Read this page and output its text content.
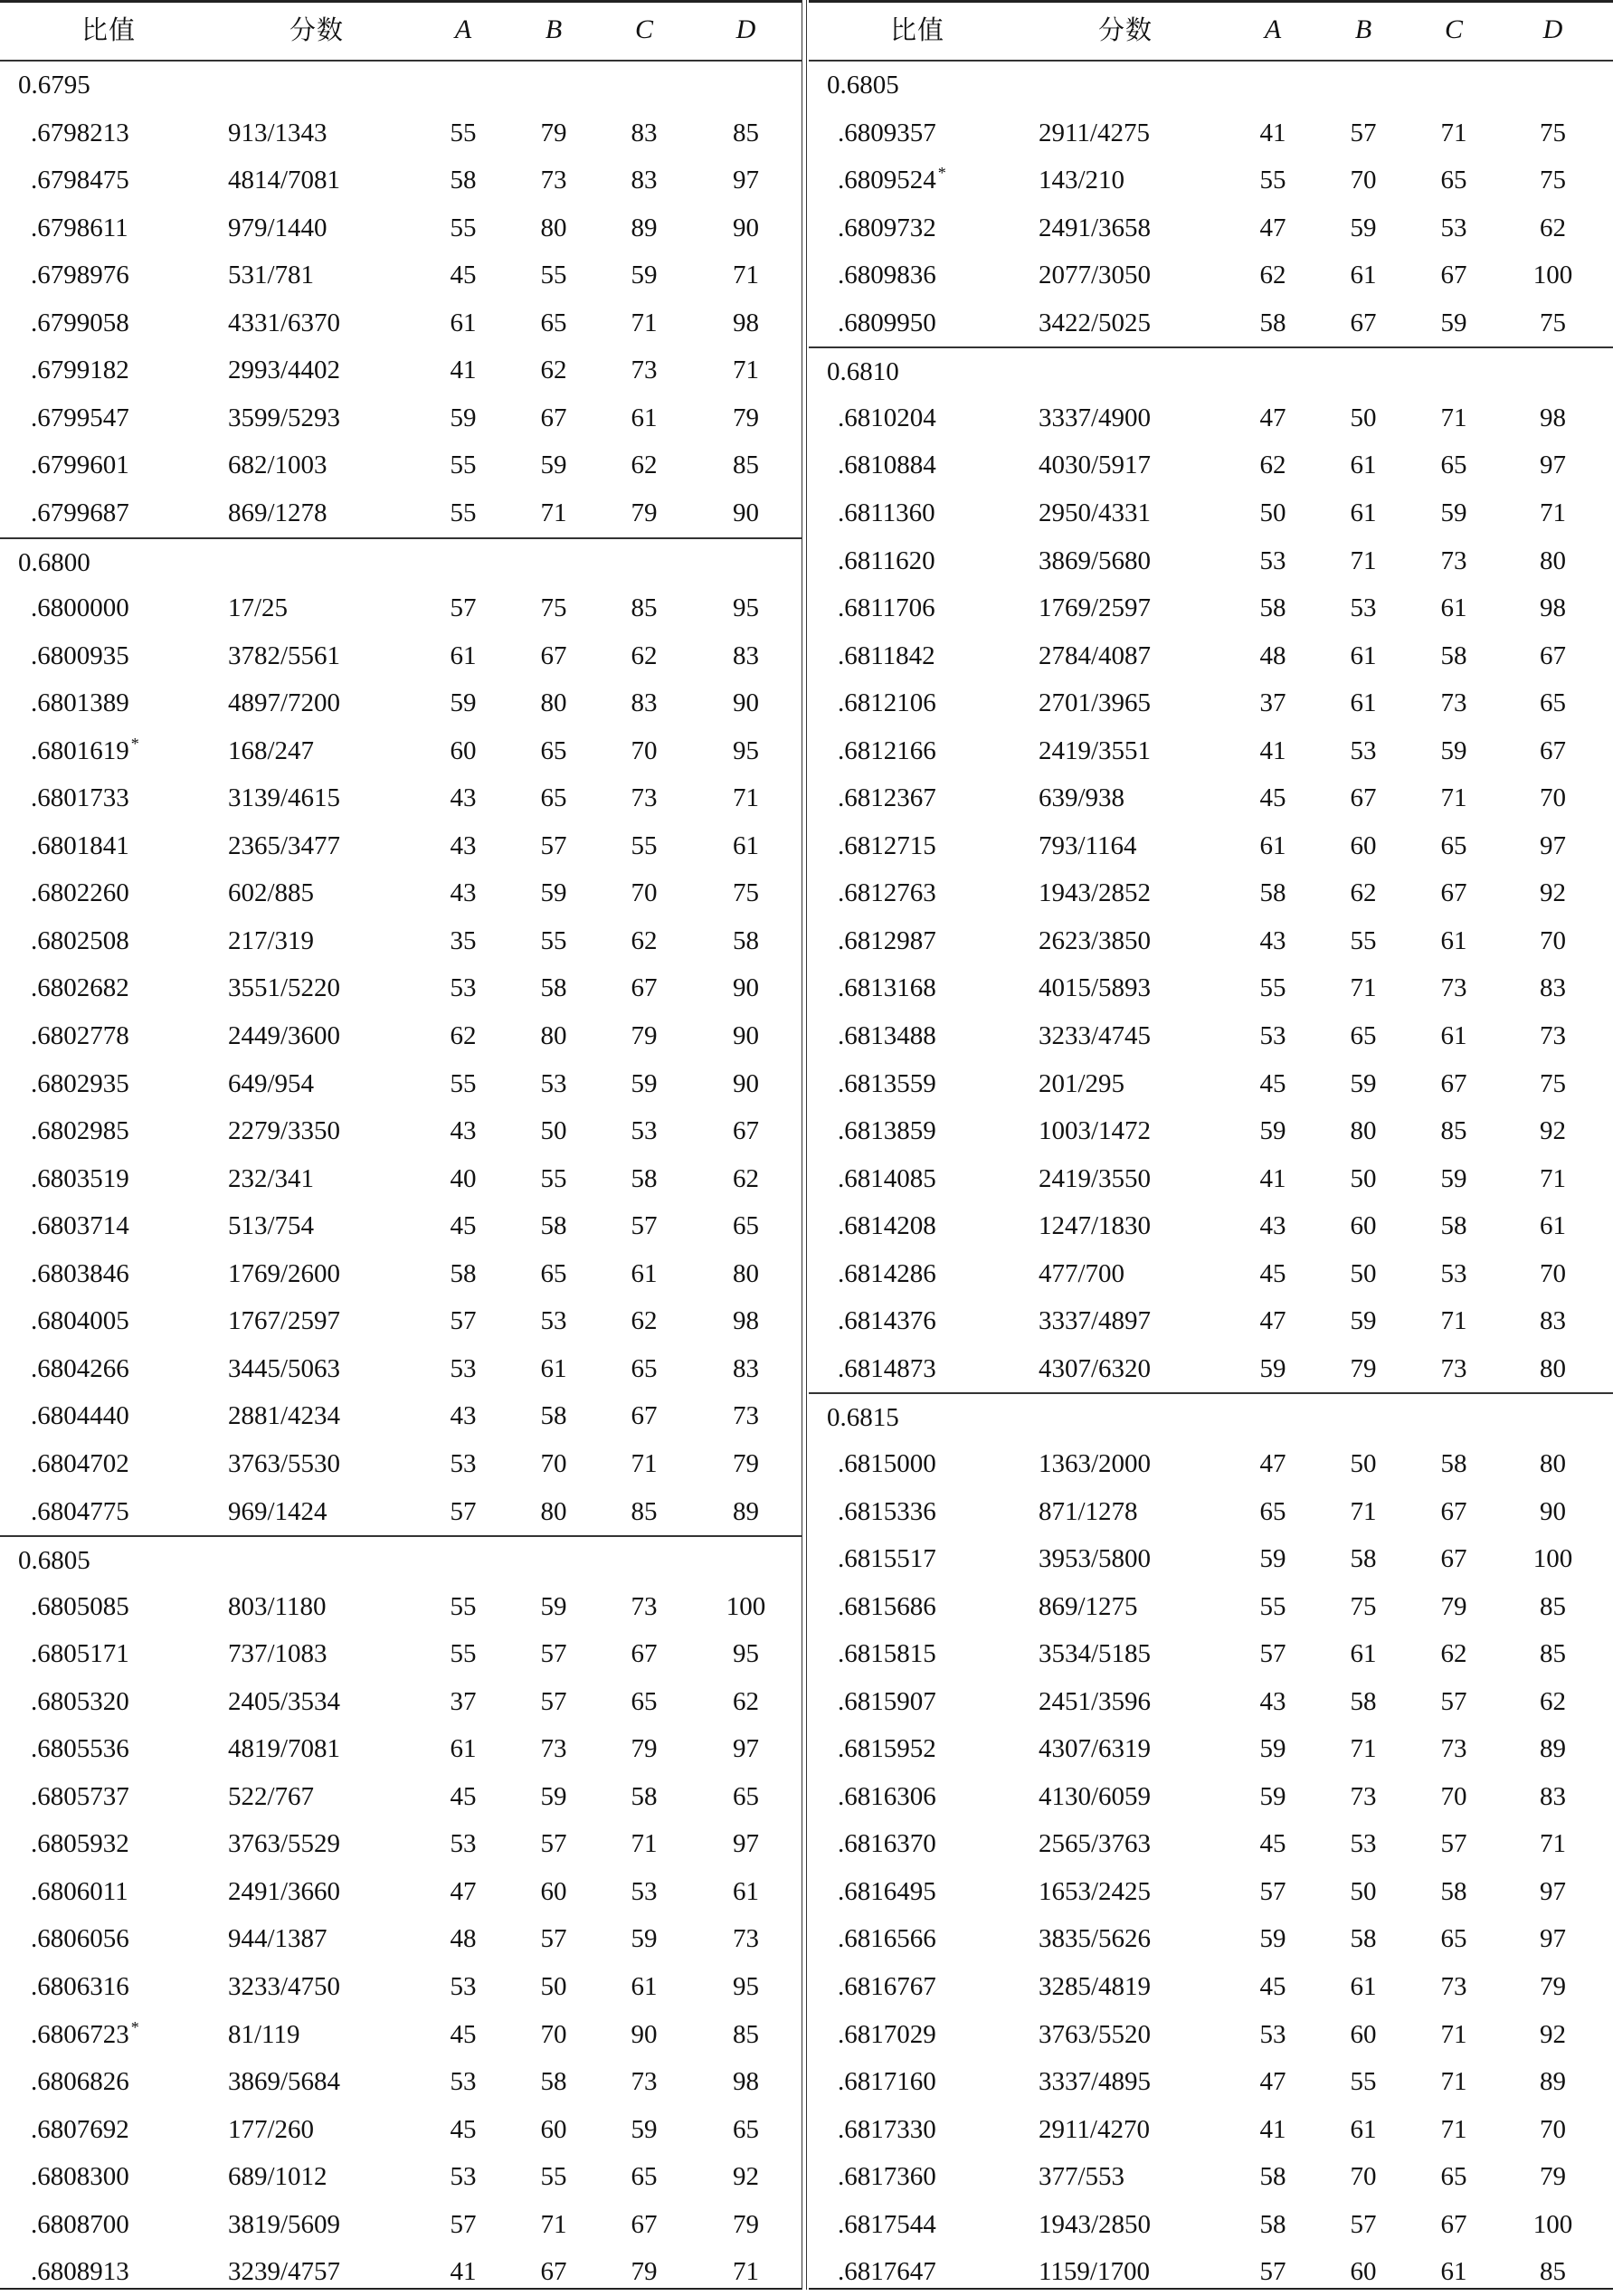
比值	分数	A	B	C	D
0.6795
.6798213	913/1343	55	79	83	85
.6798475	4814/7081	58	73	83	97
.6798611	979/1440	55	80	89	90
.6798976	531/781	45	55	59	71
.6799058	4331/6370	61	65	71	98
.6799182	2993/4402	41	62	73	71
.6799547	3599/5293	59	67	61	79
.6799601	682/1003	55	59	62	85
.6799687	869/1278	55	71	79	90
0.6800
.6800000	17/25	57	75	85	95
.6800935	3782/5561	61	67	62	83
.6801389	4897/7200	59	80	83	90
.6801619 *	168/247	60	65	70	95
.6801733	3139/4615	43	65	73	71
.6801841	2365/3477	43	57	55	61
.6802260	602/885	43	59	70	75
.6802508	217/319	35	55	62	58
.6802682	3551/5220	53	58	67	90
.6802778	2449/3600	62	80	79	90
.6802935	649/954	55	53	59	90
.6802985	2279/3350	43	50	53	67
.6803519	232/341	40	55	58	62
.6803714	513/754	45	58	57	65
.6803846	1769/2600	58	65	61	80
.6804005	1767/2597	57	53	62	98
.6804266	3445/5063	53	61	65	83
.6804440	2881/4234	43	58	67	73
.6804702	3763/5530	53	70	71	79
.6804775	969/1424	57	80	85	89
0.6805
.6805085	803/1180	55	59	73	100
.6805171	737/1083	55	57	67	95
.6805320	2405/3534	37	57	65	62
.6805536	4819/7081	61	73	79	97
.6805737	522/767	45	59	58	65
.6805932	3763/5529	53	57	71	97
.6806011	2491/3660	47	60	53	61
.6806056	944/1387	48	57	59	73
.6806316	3233/4750	53	50	61	95
.6806723 *	81/119	45	70	90	85
.6806826	3869/5684	53	58	73	98
.6807692	177/260	45	60	59	65
.6808300	689/1012	53	55	65	92
.6808700	3819/5609	57	71	67	79
.6808913	3239/4757	41	67	79	71
比值	分数	A	B	C	D
0.6805
.6809357	2911/4275	41	57	71	75
.6809524 *	143/210	55	70	65	75
.6809732	2491/3658	47	59	53	62
.6809836	2077/3050	62	61	67	100
.6809950	3422/5025	58	67	59	75
0.6810
.6810204	3337/4900	47	50	71	98
.6810884	4030/5917	62	61	65	97
.6811360	2950/4331	50	61	59	71
.6811620	3869/5680	53	71	73	80
.6811706	1769/2597	58	53	61	98
.6811842	2784/4087	48	61	58	67
.6812106	2701/3965	37	61	73	65
.6812166	2419/3551	41	53	59	67
.6812367	639/938	45	67	71	70
.6812715	793/1164	61	60	65	97
.6812763	1943/2852	58	62	67	92
.6812987	2623/3850	43	55	61	70
.6813168	4015/5893	55	71	73	83
.6813488	3233/4745	53	65	61	73
.6813559	201/295	45	59	67	75
.6813859	1003/1472	59	80	85	92
.6814085	2419/3550	41	50	59	71
.6814208	1247/1830	43	60	58	61
.6814286	477/700	45	50	53	70
.6814376	3337/4897	47	59	71	83
.6814873	4307/6320	59	79	73	80
0.6815
.6815000	1363/2000	47	50	58	80
.6815336	871/1278	65	71	67	90
.6815517	3953/5800	59	58	67	100
.6815686	869/1275	55	75	79	85
.6815815	3534/5185	57	61	62	85
.6815907	2451/3596	43	58	57	62
.6815952	4307/6319	59	71	73	89
.6816306	4130/6059	59	73	70	83
.6816370	2565/3763	45	53	57	71
.6816495	1653/2425	57	50	58	97
.6816566	3835/5626	59	58	65	97
.6816767	3285/4819	45	61	73	79
.6817029	3763/5520	53	60	71	92
.6817160	3337/4895	47	55	71	89
.6817330	2911/4270	41	61	71	70
.6817360	377/553	58	70	65	79
.6817544	1943/2850	58	57	67	100
.6817647	1159/1700	57	60	61	85
